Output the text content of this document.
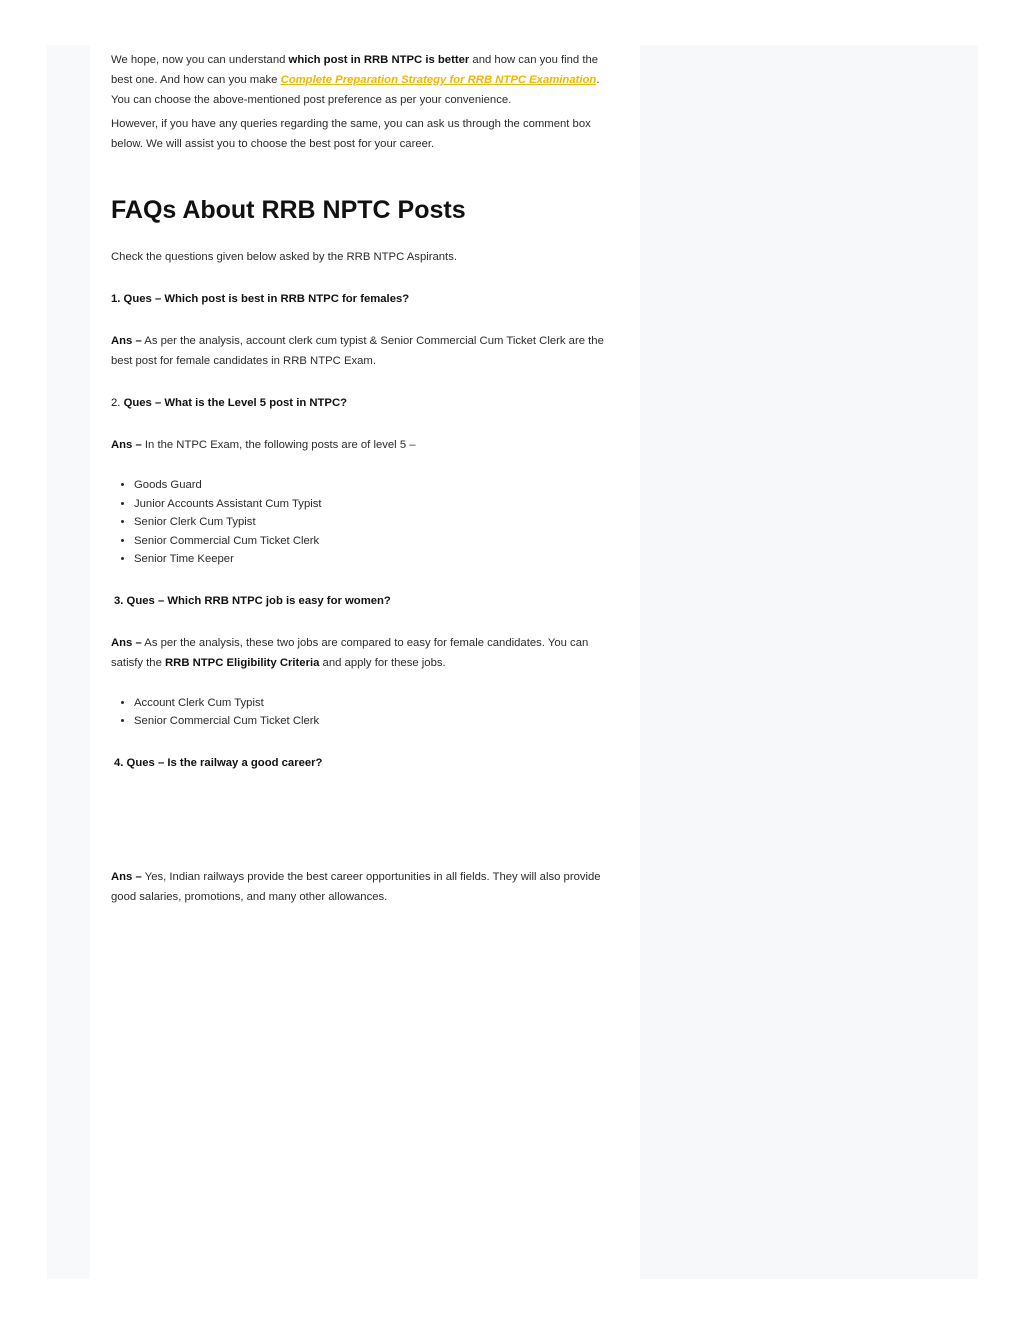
We hope, now you can understand which post in RRB NTPC is better and how can you find the best one. And how can you make Complete Preparation Strategy for RRB NTPC Examination. You can choose the above-mentioned post preference as per your convenience.

However, if you have any queries regarding the same, you can ask us through the comment box below. We will assist you to choose the best post for your career.

FAQs About RRB NPTC Posts

Check the questions given below asked by the RRB NTPC Aspirants.

1. Ques – Which post is best in RRB NTPC for females?

Ans – As per the analysis, account clerk cum typist & Senior Commercial Cum Ticket Clerk are the best post for female candidates in RRB NTPC Exam.

2. Ques – What is the Level 5 post in NTPC?

Ans – In the NTPC Exam, the following posts are of level 5 –

• Goods Guard
• Junior Accounts Assistant Cum Typist
• Senior Clerk Cum Typist
• Senior Commercial Cum Ticket Clerk
• Senior Time Keeper

3. Ques – Which RRB NTPC job is easy for women?

Ans – As per the analysis, these two jobs are compared to easy for female candidates. You can satisfy the RRB NTPC Eligibility Criteria and apply for these jobs.

• Account Clerk Cum Typist
• Senior Commercial Cum Ticket Clerk

4. Ques – Is the railway a good career?

Ans – Yes, Indian railways provide the best career opportunities in all fields. They will also provide good salaries, promotions, and many other allowances.
